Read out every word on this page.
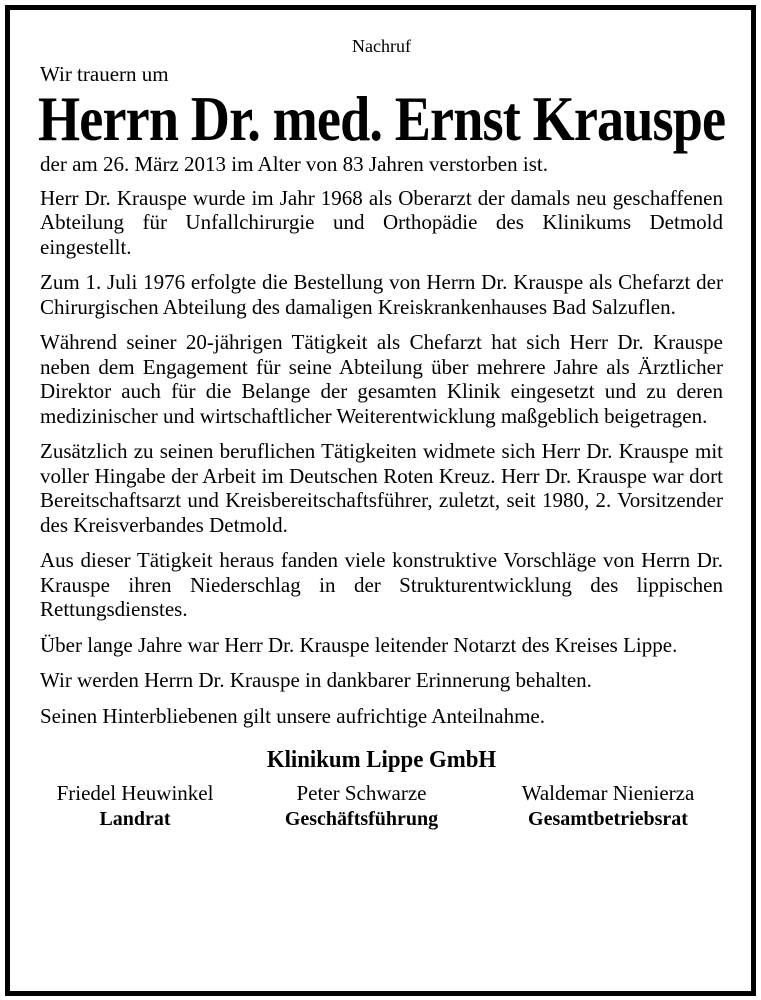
Nachruf

Wir trauern um

Herrn Dr. med. Ernst Krauspe

der am 26. März 2013 im Alter von 83 Jahren verstorben ist.

Herr Dr. Krauspe wurde im Jahr 1968 als Oberarzt der damals neu geschaffenen Abteilung für Unfallchirurgie und Orthopädie des Klinikums Detmold eingestellt.

Zum 1. Juli 1976 erfolgte die Bestellung von Herrn Dr. Krauspe als Chefarzt der Chirurgischen Abteilung des damaligen Kreiskrankenhauses Bad Salzuflen.

Während seiner 20-jährigen Tätigkeit als Chefarzt hat sich Herr Dr. Krauspe neben dem Engagement für seine Abteilung über mehrere Jahre als Ärztlicher Direktor auch für die Belange der gesamten Klinik eingesetzt und zu deren medizinischer und wirtschaftlicher Weiterentwicklung maßgeblich beigetragen.

Zusätzlich zu seinen beruflichen Tätigkeiten widmete sich Herr Dr. Krauspe mit voller Hingabe der Arbeit im Deutschen Roten Kreuz. Herr Dr. Krauspe war dort Bereitschaftsarzt und Kreisbereitschaftsführer, zuletzt, seit 1980, 2. Vorsitzender des Kreisverbandes Detmold.

Aus dieser Tätigkeit heraus fanden viele konstruktive Vorschläge von Herrn Dr. Krauspe ihren Niederschlag in der Strukturentwicklung des lippischen Rettungsdienstes.

Über lange Jahre war Herr Dr. Krauspe leitender Notarzt des Kreises Lippe.

Wir werden Herrn Dr. Krauspe in dankbarer Erinnerung behalten.

Seinen Hinterbliebenen gilt unsere aufrichtige Anteilnahme.

Klinikum Lippe GmbH
Friedel Heuwinkel
Landrat
Peter Schwarze
Geschäftsführung
Waldemar Nienierza
Gesamtbetriebsrat
